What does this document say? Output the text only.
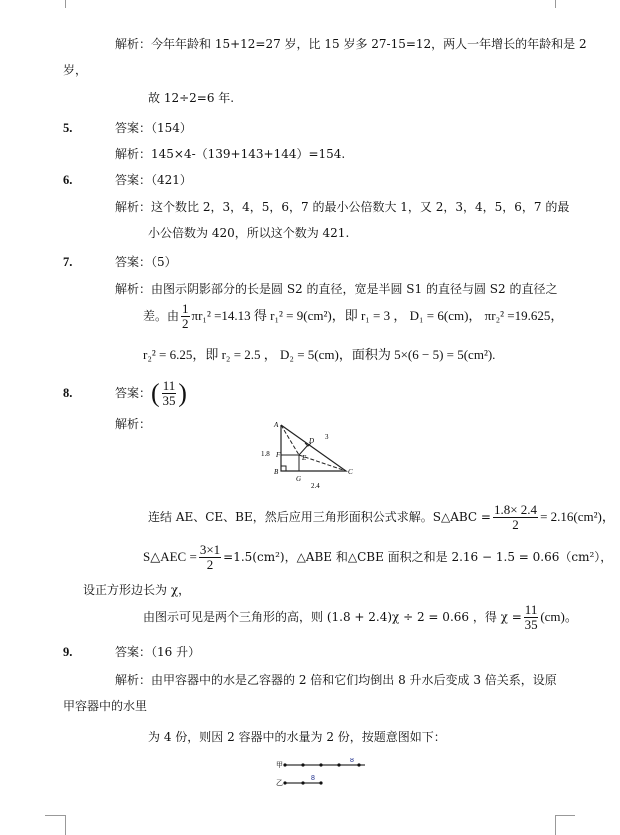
解析：今年年龄和 15+12=27 岁，比 15 岁多 27-15=12，两人一年增长的年龄和是 2
岁，
故 12÷2=6 年.
5.	答案：（154）
解析：145×4-（139+143+144）=154.
6.	答案：（421）
解析：这个数比 2，3，4，5，6，7 的最小公倍数大 1，又 2，3，4，5，6，7 的最
小公倍数为 420，所以这个数为 421.
7.	答案：（5）
解析：由图示阴影部分的长是圆 S2 的直径，宽是半圆 S1 的直径与圆 S2 的直径之
差。由 $\frac{1}{2} \pi r_1^2 =14.13$ 得 r₁² = 9(cm²)，即 r₁ = 3 ， D₁ = 6(cm)， πr₂² =19.625，
r₂² = 6.25，即 r₂ = 2.5 ， D₂ = 5(cm)，面积为 5×(6 − 5) = 5(cm²).
8.	答案：( $\frac{11}{35}$ )
解析：	A
B	C
D
E
F
G
1.8
2.4
3
连结 AE、CE、BE，然后应用三角形面积公式求解。S△ABC = $\frac{1.8\times 2.4}{2} = 2.16(cm^2)$，
S△AEC = $\frac{3\times 1}{2} =1.5(cm^2)$，△ABE 和△CBE 面积之和是 2.16 − 1.5 = 0.66（cm²），
设正方形边长为 χ，
由图示可见是两个三角形的高，则 (1.8 + 2.4)χ ÷ 2 = 0.66 ，得 $\chi = \frac{11}{35} (cm)$。
9.	答案：（16 升）
解析：由甲容器中的水是乙容器的 2 倍和它们均倒出 8 升水后变成 3 倍关系，设原
甲容器中的水里
为 4 份，则因 2 容器中的水量为 2 份，按题意图如下：
甲
8
乙
8
